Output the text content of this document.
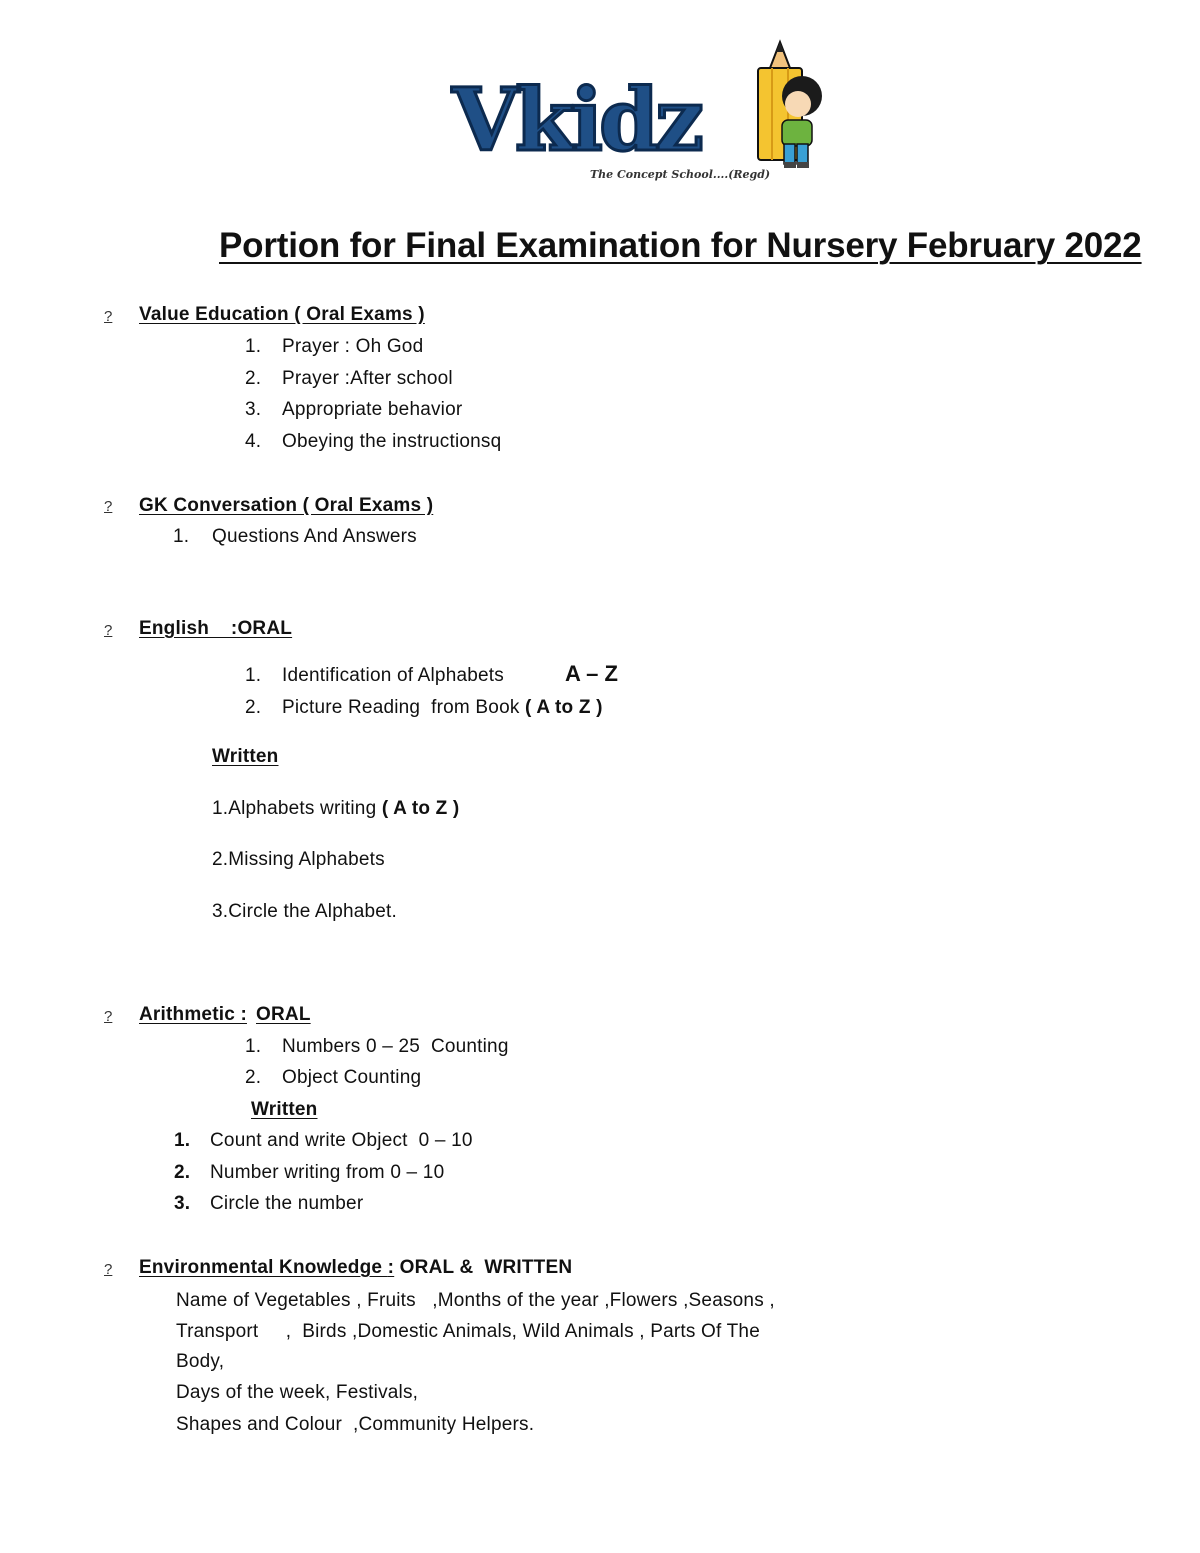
Vkidz
The Concept School....(Regd)
Portion for Final Examination for Nursery February 2022
? Value Education ( Oral Exams )
1. Prayer : Oh God
2. Prayer :After school
3. Appropriate behavior
4. Obeying the instructionsq
? GK Conversation ( Oral Exams )
1. Questions And Answers
? English    :ORAL
1. Identification of Alphabets	A – Z
2. Picture Reading  from Book ( A to Z )
Written
1.Alphabets writing ( A to Z )
2.Missing Alphabets
3.Circle the Alphabet.
? Arithmetic : ORAL
1. Numbers 0 – 25  Counting
2. Object Counting
Written
1. Count and write Object  0 – 10
2. Number writing from 0 – 10
3. Circle the number
? Environmental Knowledge : ORAL &  WRITTEN
Name of Vegetables , Fruits   ,Months of the year ,Flowers ,Seasons ,
Transport     ,  Birds ,Domestic Animals, Wild Animals , Parts Of The
Body,
Days of the week, Festivals,
Shapes and Colour  ,Community Helpers.
